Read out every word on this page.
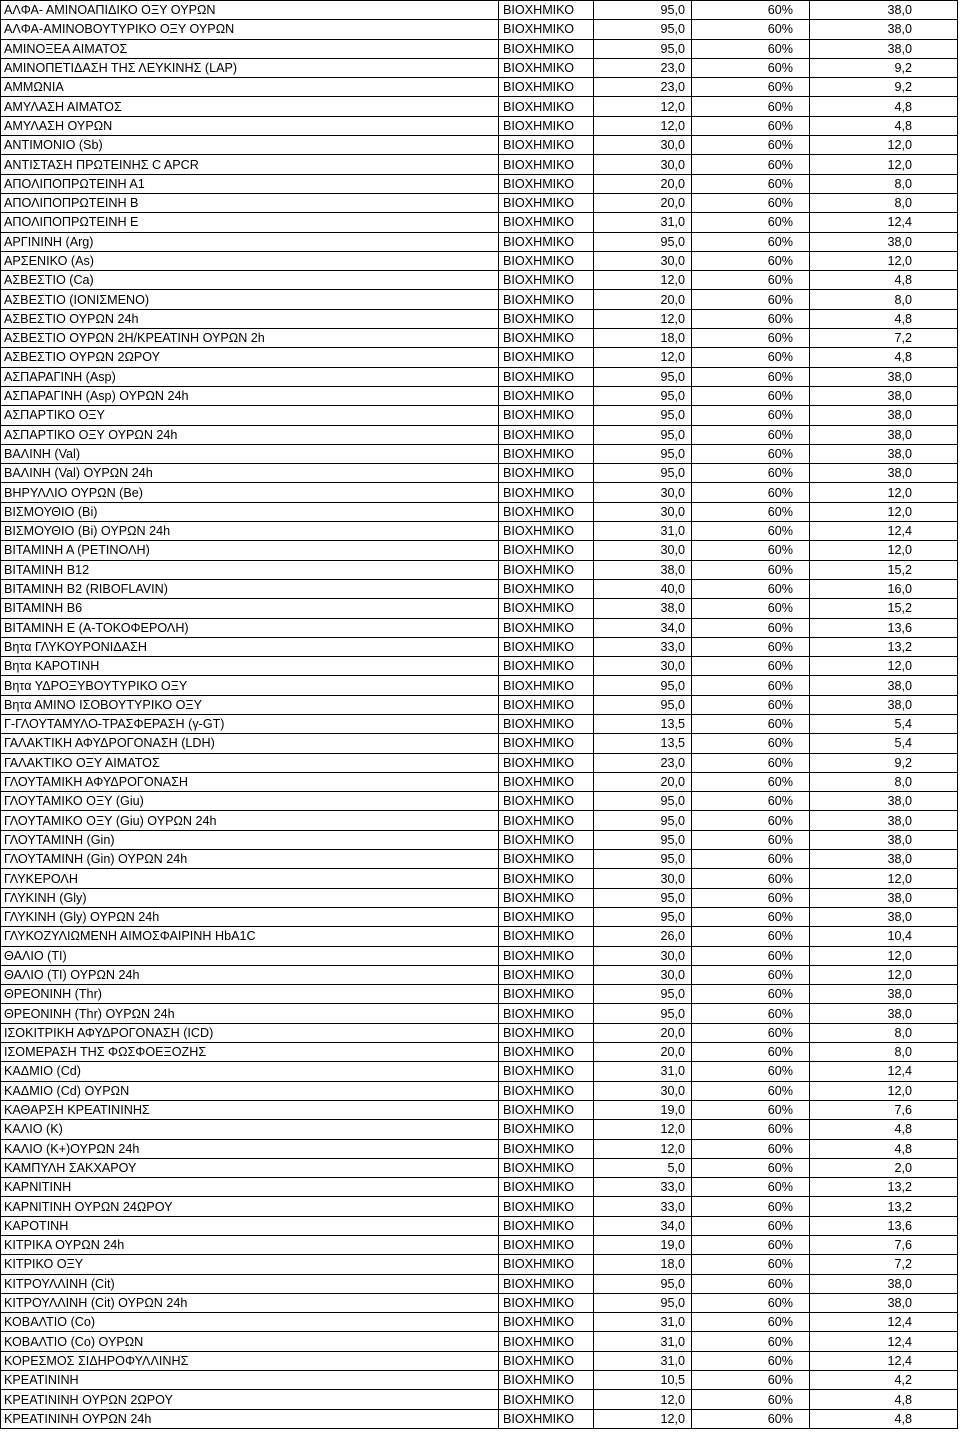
ΑΛΦΑ- ΑΜΙΝΟΑΠΙΔΙΚΟ ΟΞΥ ΟΥΡΩΝ	ΒΙΟΧΗΜΙΚΟ	95,0	60%	38,0
ΑΛΦΑ-ΑΜΙΝΟΒΟΥΤΥΡΙΚΟ ΟΞΥ ΟΥΡΩΝ	ΒΙΟΧΗΜΙΚΟ	95,0	60%	38,0
ΑΜΙΝΟΞΕΑ ΑΙΜΑΤΟΣ	ΒΙΟΧΗΜΙΚΟ	95,0	60%	38,0
ΑΜΙΝΟΠΕΤΙΔΑΣΗ ΤΗΣ ΛΕΥΚΙΝΗΣ (LAP)	ΒΙΟΧΗΜΙΚΟ	23,0	60%	9,2
ΑΜΜΩΝΙΑ	ΒΙΟΧΗΜΙΚΟ	23,0	60%	9,2
ΑΜΥΛΑΣΗ ΑΙΜΑΤΟΣ	ΒΙΟΧΗΜΙΚΟ	12,0	60%	4,8
ΑΜΥΛΑΣΗ ΟΥΡΩΝ	ΒΙΟΧΗΜΙΚΟ	12,0	60%	4,8
ΑΝΤΙΜΟΝΙΟ (Sb)	ΒΙΟΧΗΜΙΚΟ	30,0	60%	12,0
ΑΝΤΙΣΤΑΣΗ ΠΡΩΤΕΙΝΗΣ C APCR	ΒΙΟΧΗΜΙΚΟ	30,0	60%	12,0
ΑΠΟΛΙΠΟΠΡΩΤΕΙΝΗ Α1	ΒΙΟΧΗΜΙΚΟ	20,0	60%	8,0
ΑΠΟΛΙΠΟΠΡΩΤΕΙΝΗ Β	ΒΙΟΧΗΜΙΚΟ	20,0	60%	8,0
ΑΠΟΛΙΠΟΠΡΩΤΕΙΝΗ Ε	ΒΙΟΧΗΜΙΚΟ	31,0	60%	12,4
ΑΡΓΙΝΙΝΗ (Arg)	ΒΙΟΧΗΜΙΚΟ	95,0	60%	38,0
ΑΡΣΕΝΙΚΟ (As)	ΒΙΟΧΗΜΙΚΟ	30,0	60%	12,0
ΑΣΒΕΣΤΙΟ (Ca)	ΒΙΟΧΗΜΙΚΟ	12,0	60%	4,8
ΑΣΒΕΣΤΙΟ (ΙΟΝΙΣΜΕΝΟ)	ΒΙΟΧΗΜΙΚΟ	20,0	60%	8,0
ΑΣΒΕΣΤΙΟ ΟΥΡΩΝ 24h	ΒΙΟΧΗΜΙΚΟ	12,0	60%	4,8
ΑΣΒΕΣΤΙΟ ΟΥΡΩΝ 2Η/ΚΡΕΑΤΙΝΗ ΟΥΡΩΝ 2h	ΒΙΟΧΗΜΙΚΟ	18,0	60%	7,2
ΑΣΒΕΣΤΙΟ ΟΥΡΩΝ 2ΩΡΟΥ	ΒΙΟΧΗΜΙΚΟ	12,0	60%	4,8
ΑΣΠΑΡΑΓΙΝΗ (Asp)	ΒΙΟΧΗΜΙΚΟ	95,0	60%	38,0
ΑΣΠΑΡΑΓΙΝΗ (Asp) ΟΥΡΩΝ 24h	ΒΙΟΧΗΜΙΚΟ	95,0	60%	38,0
ΑΣΠΑΡΤΙΚΟ ΟΞΥ	ΒΙΟΧΗΜΙΚΟ	95,0	60%	38,0
ΑΣΠΑΡΤΙΚΟ ΟΞΥ ΟΥΡΩΝ 24h	ΒΙΟΧΗΜΙΚΟ	95,0	60%	38,0
ΒΑΛΙΝΗ (Val)	ΒΙΟΧΗΜΙΚΟ	95,0	60%	38,0
ΒΑΛΙΝΗ (Val) ΟΥΡΩΝ 24h	ΒΙΟΧΗΜΙΚΟ	95,0	60%	38,0
ΒΗΡΥΛΛΙΟ ΟΥΡΩΝ (Be)	ΒΙΟΧΗΜΙΚΟ	30,0	60%	12,0
ΒΙΣΜΟΥΘΙΟ (Bi)	ΒΙΟΧΗΜΙΚΟ	30,0	60%	12,0
ΒΙΣΜΟΥΘΙΟ (Bi) ΟΥΡΩΝ 24h	ΒΙΟΧΗΜΙΚΟ	31,0	60%	12,4
ΒΙΤΑΜΙΝΗ Α (ΡΕΤΙΝΟΛΗ)	ΒΙΟΧΗΜΙΚΟ	30,0	60%	12,0
ΒΙΤΑΜΙΝΗ Β12	ΒΙΟΧΗΜΙΚΟ	38,0	60%	15,2
ΒΙΤΑΜΙΝΗ Β2 (RIBOFLAVIN)	ΒΙΟΧΗΜΙΚΟ	40,0	60%	16,0
ΒΙΤΑΜΙΝΗ Β6	ΒΙΟΧΗΜΙΚΟ	38,0	60%	15,2
ΒΙΤΑΜΙΝΗ Ε (Α-ΤΟΚΟΦΕΡΟΛΗ)	ΒΙΟΧΗΜΙΚΟ	34,0	60%	13,6
Βητα ΓΛΥΚΟΥΡΟΝΙΔΑΣΗ	ΒΙΟΧΗΜΙΚΟ	33,0	60%	13,2
Βητα ΚΑΡΟΤΙΝΗ	ΒΙΟΧΗΜΙΚΟ	30,0	60%	12,0
Βητα ΥΔΡΟΞΥΒΟΥΤΥΡΙΚΟ ΟΞΥ	ΒΙΟΧΗΜΙΚΟ	95,0	60%	38,0
Βητα ΑΜΙΝΟ ΙΣΟΒΟΥΤΥΡΙΚΟ ΟΞΥ	ΒΙΟΧΗΜΙΚΟ	95,0	60%	38,0
Γ-ΓΛΟΥΤΑΜΥΛΟ-ΤΡΑΣΦΕΡΑΣΗ (γ-GT)	ΒΙΟΧΗΜΙΚΟ	13,5	60%	5,4
ΓΑΛΑΚΤΙΚΗ ΑΦΥΔΡΟΓΟΝΑΣΗ (LDH)	ΒΙΟΧΗΜΙΚΟ	13,5	60%	5,4
ΓΑΛΑΚΤΙΚΟ ΟΞΥ ΑΙΜΑΤΟΣ	ΒΙΟΧΗΜΙΚΟ	23,0	60%	9,2
ΓΛΟΥΤΑΜΙΚΗ ΑΦΥΔΡΟΓΟΝΑΣΗ	ΒΙΟΧΗΜΙΚΟ	20,0	60%	8,0
ΓΛΟΥΤΑΜΙΚΟ ΟΞΥ (Giu)	ΒΙΟΧΗΜΙΚΟ	95,0	60%	38,0
ΓΛΟΥΤΑΜΙΚΟ ΟΞΥ (Giu) ΟΥΡΩΝ 24h	ΒΙΟΧΗΜΙΚΟ	95,0	60%	38,0
ΓΛΟΥΤΑΜΙΝΗ (Gin)	ΒΙΟΧΗΜΙΚΟ	95,0	60%	38,0
ΓΛΟΥΤΑΜΙΝΗ (Gin) ΟΥΡΩΝ 24h	ΒΙΟΧΗΜΙΚΟ	95,0	60%	38,0
ΓΛΥΚΕΡΟΛΗ	ΒΙΟΧΗΜΙΚΟ	30,0	60%	12,0
ΓΛΥΚΙΝΗ (Gly)	ΒΙΟΧΗΜΙΚΟ	95,0	60%	38,0
ΓΛΥΚΙΝΗ (Gly) ΟΥΡΩΝ 24h	ΒΙΟΧΗΜΙΚΟ	95,0	60%	38,0
ΓΛΥΚΟΖΥΛΙΩΜΕΝΗ ΑΙΜΟΣΦΑΙΡΙΝΗ HbA1C	ΒΙΟΧΗΜΙΚΟ	26,0	60%	10,4
ΘΑΛΙΟ (ΤΙ)	ΒΙΟΧΗΜΙΚΟ	30,0	60%	12,0
ΘΑΛΙΟ (ΤΙ) ΟΥΡΩΝ 24h	ΒΙΟΧΗΜΙΚΟ	30,0	60%	12,0
ΘΡΕΟΝΙΝΗ (Thr)	ΒΙΟΧΗΜΙΚΟ	95,0	60%	38,0
ΘΡΕΟΝΙΝΗ (Thr) ΟΥΡΩΝ 24h	ΒΙΟΧΗΜΙΚΟ	95,0	60%	38,0
ΙΣΟΚΙΤΡΙΚΗ ΑΦΥΔΡΟΓΟΝΑΣΗ (ICD)	ΒΙΟΧΗΜΙΚΟ	20,0	60%	8,0
ΙΣΟΜΕΡΑΣΗ ΤΗΣ ΦΩΣΦΟΕΞΟΖΗΣ	ΒΙΟΧΗΜΙΚΟ	20,0	60%	8,0
ΚΑΔΜΙΟ (Cd)	ΒΙΟΧΗΜΙΚΟ	31,0	60%	12,4
ΚΑΔΜΙΟ (Cd) ΟΥΡΩΝ	ΒΙΟΧΗΜΙΚΟ	30,0	60%	12,0
ΚΑΘΑΡΣΗ ΚΡΕΑΤΙΝΙΝΗΣ	ΒΙΟΧΗΜΙΚΟ	19,0	60%	7,6
ΚΑΛΙΟ (Κ)	ΒΙΟΧΗΜΙΚΟ	12,0	60%	4,8
ΚΑΛΙΟ (Κ+)ΟΥΡΩΝ 24h	ΒΙΟΧΗΜΙΚΟ	12,0	60%	4,8
ΚΑΜΠΥΛΗ ΣΑΚΧΑΡΟΥ	ΒΙΟΧΗΜΙΚΟ	5,0	60%	2,0
ΚΑΡΝΙΤΙΝΗ	ΒΙΟΧΗΜΙΚΟ	33,0	60%	13,2
ΚΑΡΝΙΤΙΝΗ ΟΥΡΩΝ 24ΩΡΟΥ	ΒΙΟΧΗΜΙΚΟ	33,0	60%	13,2
ΚΑΡΟΤΙΝΗ	ΒΙΟΧΗΜΙΚΟ	34,0	60%	13,6
ΚΙΤΡΙΚΑ ΟΥΡΩΝ 24h	ΒΙΟΧΗΜΙΚΟ	19,0	60%	7,6
ΚΙΤΡΙΚΟ ΟΞΥ	ΒΙΟΧΗΜΙΚΟ	18,0	60%	7,2
ΚΙΤΡΟΥΛΛΙΝΗ (Cit)	ΒΙΟΧΗΜΙΚΟ	95,0	60%	38,0
ΚΙΤΡΟΥΛΛΙΝΗ (Cit) ΟΥΡΩΝ 24h	ΒΙΟΧΗΜΙΚΟ	95,0	60%	38,0
ΚΟΒΑΛΤΙΟ (Co)	ΒΙΟΧΗΜΙΚΟ	31,0	60%	12,4
ΚΟΒΑΛΤΙΟ (Co) ΟΥΡΩΝ	ΒΙΟΧΗΜΙΚΟ	31,0	60%	12,4
ΚΟΡΕΣΜΟΣ ΣΙΔΗΡΟΦΥΛΛΙΝΗΣ	ΒΙΟΧΗΜΙΚΟ	31,0	60%	12,4
ΚΡΕΑΤΙΝΙΝΗ	ΒΙΟΧΗΜΙΚΟ	10,5	60%	4,2
ΚΡΕΑΤΙΝΙΝΗ ΟΥΡΩΝ 2ΩΡΟΥ	ΒΙΟΧΗΜΙΚΟ	12,0	60%	4,8
ΚΡΕΑΤΙΝΙΝΗ ΟΥΡΩΝ 24h	ΒΙΟΧΗΜΙΚΟ	12,0	60%	4,8
